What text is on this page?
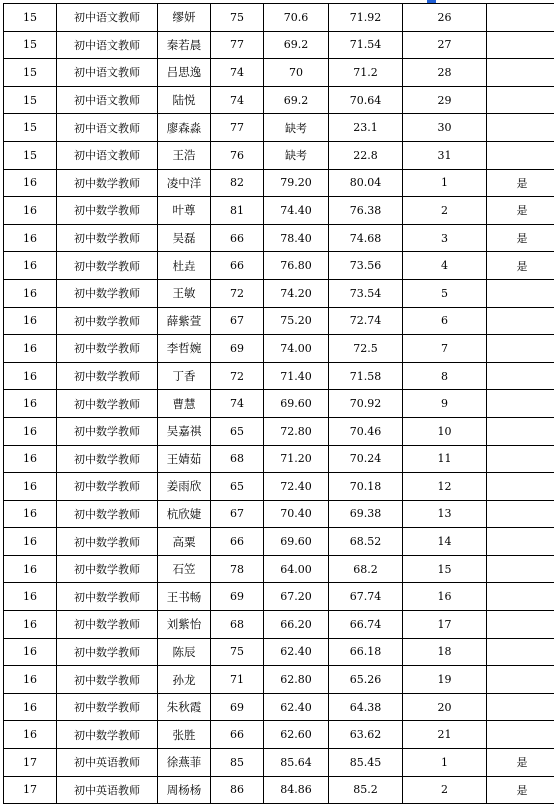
15	初中语文教师	缪妍	75	70.6	71.92	26	
15	初中语文教师	秦若晨	77	69.2	71.54	27	
15	初中语文教师	吕思逸	74	70	71.2	28	
15	初中语文教师	陆悦	74	69.2	70.64	29	
15	初中语文教师	廖森淼	77	缺考	23.1	30	
15	初中语文教师	王浩	76	缺考	22.8	31	
16	初中数学教师	凌中洋	82	79.20	80.04	1	是
16	初中数学教师	叶尊	81	74.40	76.38	2	是
16	初中数学教师	吴磊	66	78.40	74.68	3	是
16	初中数学教师	杜垚	66	76.80	73.56	4	是
16	初中数学教师	王敏	72	74.20	73.54	5	
16	初中数学教师	薛紫萱	67	75.20	72.74	6	
16	初中数学教师	李哲婉	69	74.00	72.5	7	
16	初中数学教师	丁香	72	71.40	71.58	8	
16	初中数学教师	曹慧	74	69.60	70.92	9	
16	初中数学教师	吴嘉祺	65	72.80	70.46	10	
16	初中数学教师	王婧茹	68	71.20	70.24	11	
16	初中数学教师	姜雨欣	65	72.40	70.18	12	
16	初中数学教师	杭欣婕	67	70.40	69.38	13	
16	初中数学教师	高粟	66	69.60	68.52	14	
16	初中数学教师	石笠	78	64.00	68.2	15	
16	初中数学教师	王书畅	69	67.20	67.74	16	
16	初中数学教师	刘紫怡	68	66.20	66.74	17	
16	初中数学教师	陈辰	75	62.40	66.18	18	
16	初中数学教师	孙龙	71	62.80	65.26	19	
16	初中数学教师	朱秋霞	69	62.40	64.38	20	
16	初中数学教师	张胜	66	62.60	63.62	21	
17	初中英语教师	徐燕菲	85	85.64	85.45	1	是
17	初中英语教师	周杨杨	86	84.86	85.2	2	是
